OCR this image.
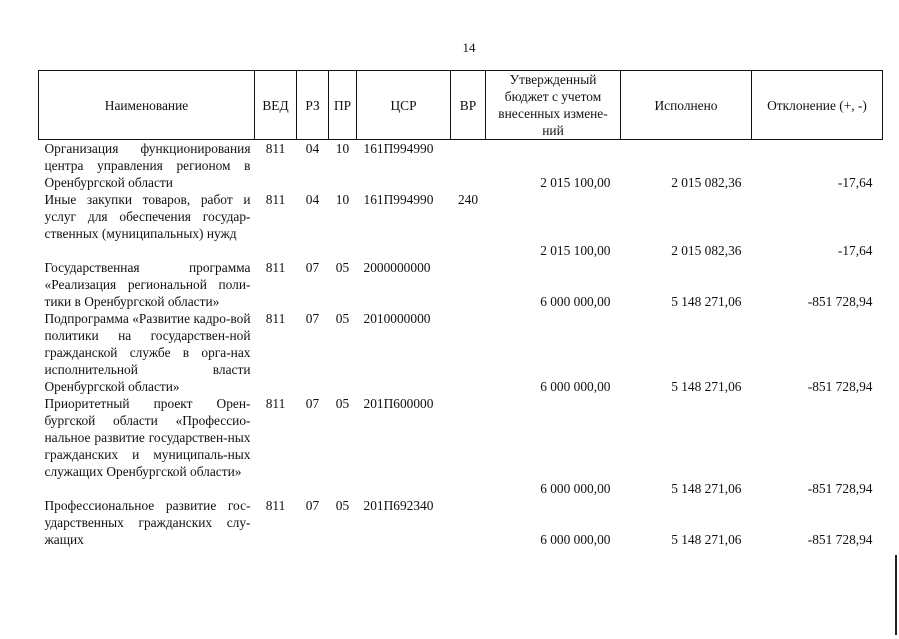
14
Наименование	ВЕД	РЗ	ПР	ЦСР	ВР	Утвержденный бюджет с учетом внесенных измене-ний	Исполнено	Отклонение (+, -)
Организация функционирования центра управления регионом в Оренбургской области	811	04	10	161П994990		2 015 100,00	2 015 082,36	-17,64
Иные закупки товаров, работ и услуг для обеспечения государ-ственных (муниципальных) нужд	811	04	10	161П994990	240	2 015 100,00	2 015 082,36	-17,64
Государственная программа «Реализация региональной поли-тики в Оренбургской области»	811	07	05	2000000000		6 000 000,00	5 148 271,06	-851 728,94
Подпрограмма «Развитие кадро-вой политики на государствен-ной гражданской службе в орга-нах исполнительной власти Оренбургской области»	811	07	05	2010000000		6 000 000,00	5 148 271,06	-851 728,94
Приоритетный проект Орен-бургской области «Профессио-нальное развитие государствен-ных гражданских и муниципаль-ных служащих Оренбургской области»	811	07	05	201П600000		6 000 000,00	5 148 271,06	-851 728,94
Профессиональное развитие гос-ударственных гражданских слу-жащих	811	07	05	201П692340		6 000 000,00	5 148 271,06	-851 728,94
